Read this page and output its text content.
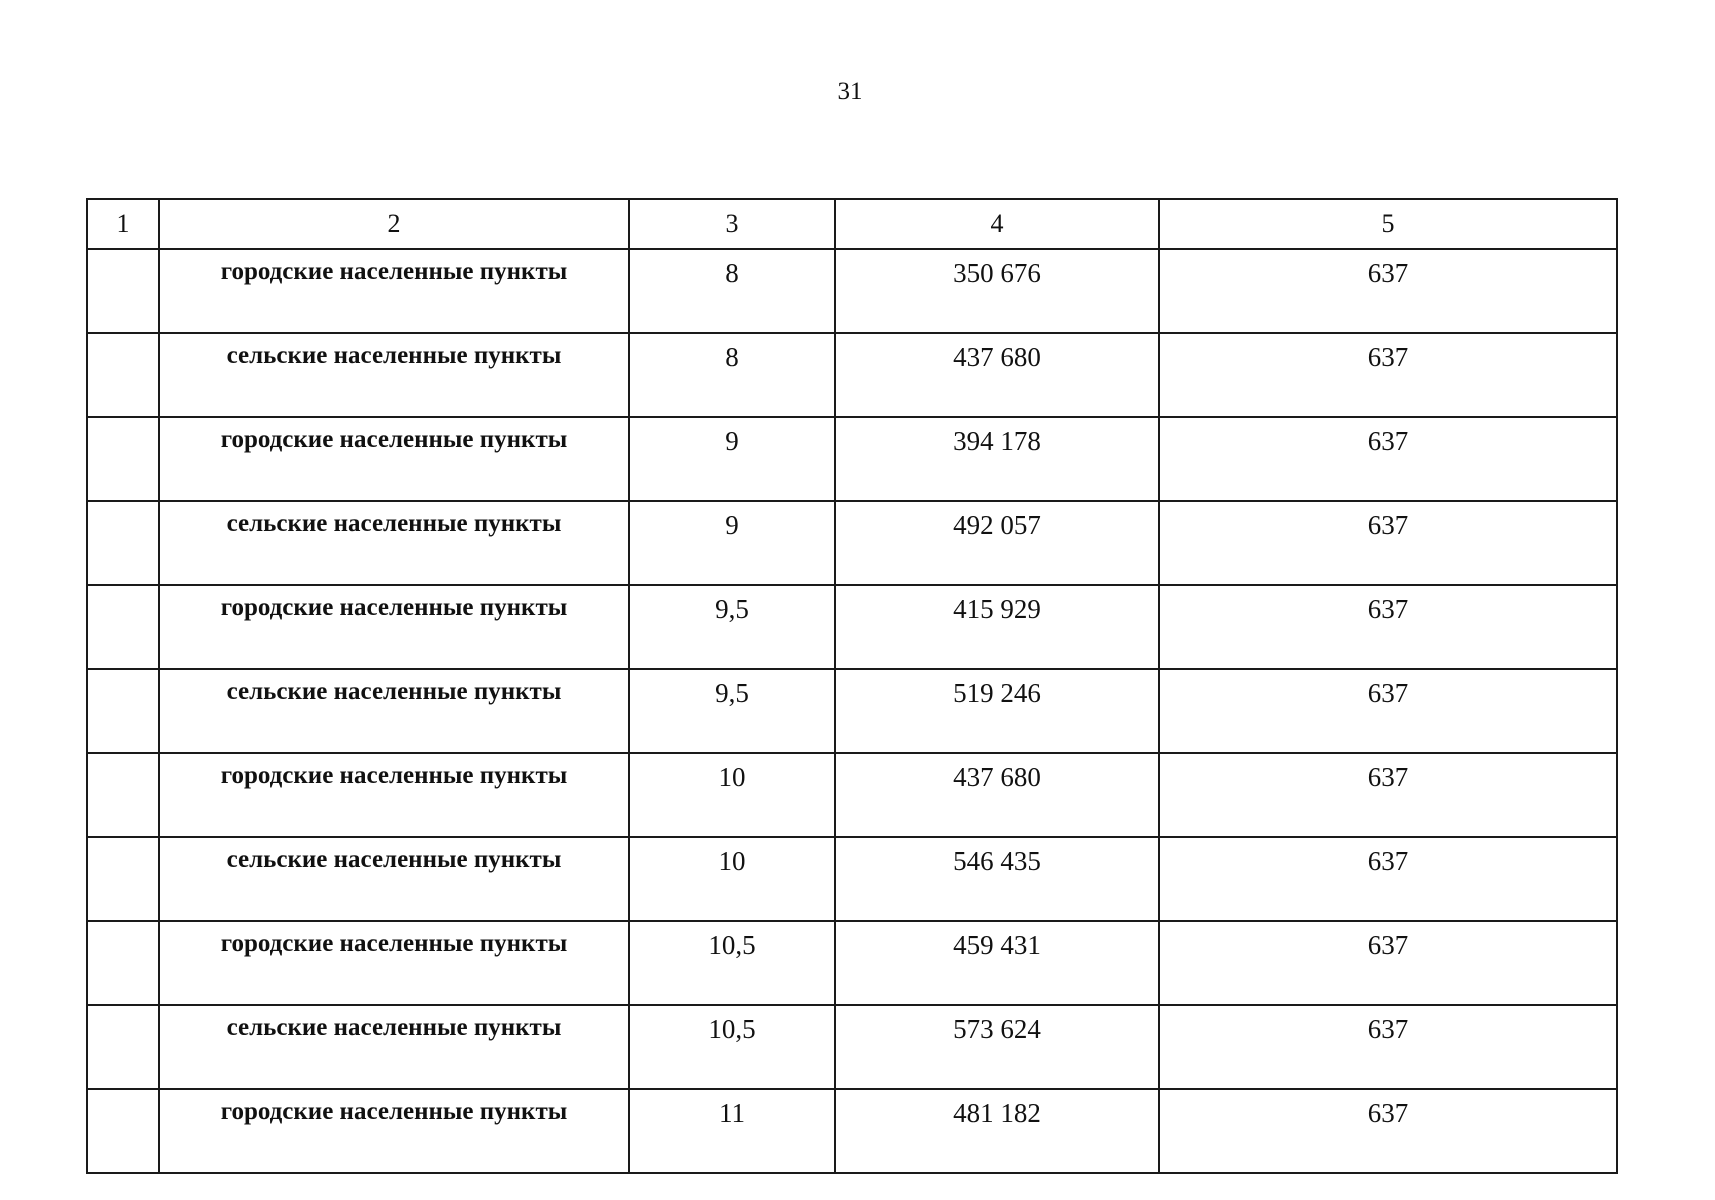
31
1	2	3	4	5
	городские населенные пункты	8	350 676	637
	сельские населенные пункты	8	437 680	637
	городские населенные пункты	9	394 178	637
	сельские населенные пункты	9	492 057	637
	городские населенные пункты	9,5	415 929	637
	сельские населенные пункты	9,5	519 246	637
	городские населенные пункты	10	437 680	637
	сельские населенные пункты	10	546 435	637
	городские населенные пункты	10,5	459 431	637
	сельские населенные пункты	10,5	573 624	637
	городские населенные пункты	11	481 182	637
